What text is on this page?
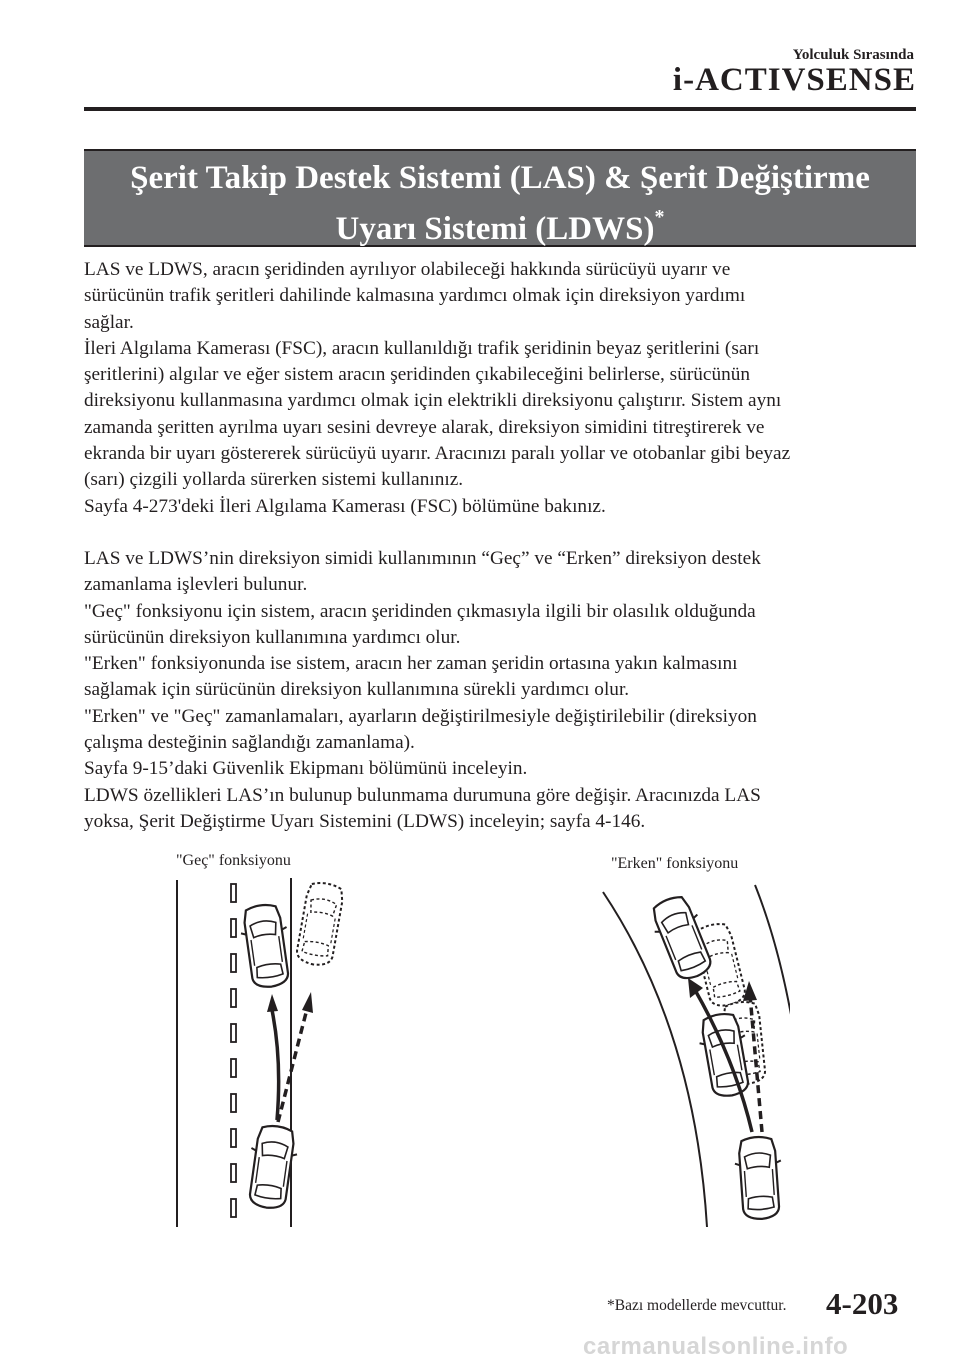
Yolculuk Sırasında
i-ACTIVSENSE
Şerit Takip Destek Sistemi (LAS) & Şerit Değiştirme
Uyarı Sistemi (LDWS)*

LAS ve LDWS, aracın şeridinden ayrılıyor olabileceği hakkında sürücüyü uyarır ve

sürücünün trafik şeritleri dahilinde kalmasına yardımcı olmak için direksiyon yardımı

sağlar.

İleri Algılama Kamerası (FSC), aracın kullanıldığı trafik şeridinin beyaz şeritlerini (sarı

şeritlerini) algılar ve eğer sistem aracın şeridinden çıkabileceğini belirlerse, sürücünün

direksiyonu kullanmasına yardımcı olmak için elektrikli direksiyonu çalıştırır. Sistem aynı

zamanda şeritten ayrılma uyarı sesini devreye alarak, direksiyon simidini titreştirerek ve

ekranda bir uyarı göstererek sürücüyü uyarır. Aracınızı paralı yollar ve otobanlar gibi beyaz

(sarı) çizgili yollarda sürerken sistemi kullanınız.

Sayfa 4-273'deki İleri Algılama Kamerası (FSC) bölümüne bakınız.

LAS ve LDWS’nin direksiyon simidi kullanımının “Geç” ve “Erken” direksiyon destek

zamanlama işlevleri bulunur.

"Geç" fonksiyonu için sistem, aracın şeridinden çıkmasıyla ilgili bir olasılık olduğunda

sürücünün direksiyon kullanımına yardımcı olur.

"Erken" fonksiyonunda ise sistem, aracın her zaman şeridin ortasına yakın kalmasını

sağlamak için sürücünün direksiyon kullanımına sürekli yardımcı olur.

"Erken" ve "Geç" zamanlamaları, ayarların değiştirilmesiyle değiştirilebilir (direksiyon

çalışma desteğinin sağlandığı zamanlama).

Sayfa 9-15’daki Güvenlik Ekipmanı bölümünü inceleyin.

LDWS özellikleri LAS’ın bulunup bulunmama durumuna göre değişir. Aracınızda LAS

yoksa, Şerit Değiştirme Uyarı Sistemini (LDWS) inceleyin; sayfa 4-146.

"Geç" fonksiyonu	"Erken" fonksiyonu
*Bazı modellerde mevcuttur. 4-203
carmanualsonline.info
